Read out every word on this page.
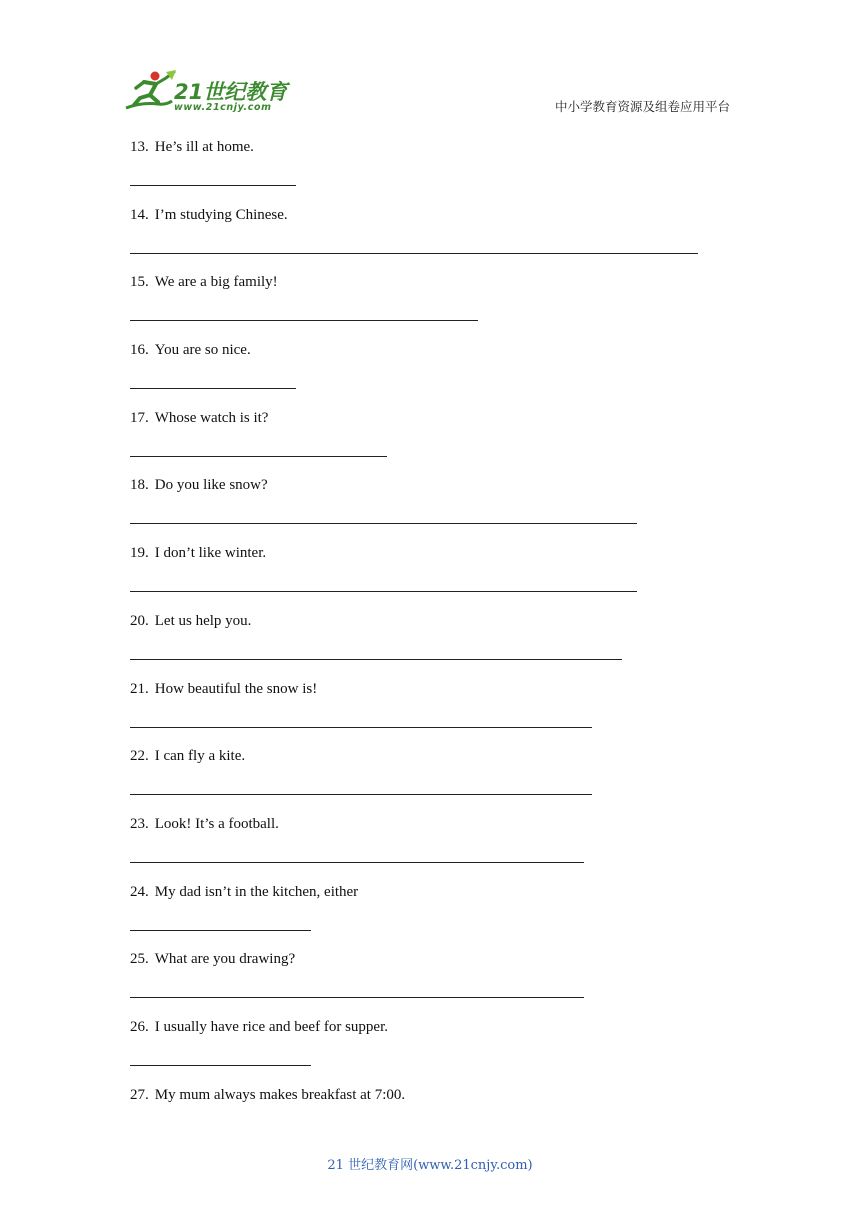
21世纪教育
www.21cnjy.com	中小学教育资源及组卷应用平台
13. He’s ill at home.
14. I’m studying Chinese.
15. We are a big family!
16. You are so nice.
17. Whose watch is it?
18. Do you like snow?
19. I don’t like winter.
20. Let us help you.
21. How beautiful the snow is!
22. I can fly a kite.
23. Look! It’s a football.
24. My dad isn’t in the kitchen, either
25. What are you drawing?
26. I usually have rice and beef for supper.
27. My mum always makes breakfast at 7:00.
21 世纪教育网(www.21cnjy.com)
